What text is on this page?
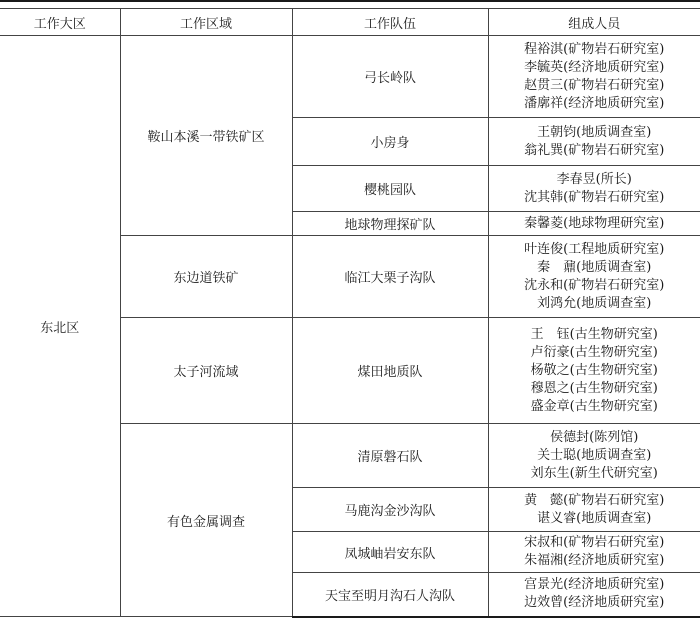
工作大区	工作区域	工作队伍	组成人员
东北区	鞍山本溪一带铁矿区	弓长岭队	程裕淇(矿物岩石研究室)
李毓英(经济地质研究室)
赵贯三(矿物岩石研究室)
潘廓祥(经济地质研究室)

		小房身	王朝钧(地质调查室)
翁礼巽(矿物岩石研究室)

		樱桃园队	李春昱(所长)
沈其韩(矿物岩石研究室)

		地球物理探矿队	秦馨菱(地球物理研究室)

	东边道铁矿	临江大栗子沟队	叶连俊(工程地质研究室)
秦　鼐(地质调查室)
沈永和(矿物岩石研究室)
刘鸿允(地质调查室)

	太子河流域	煤田地质队	王　钰(古生物研究室)
卢衍豪(古生物研究室)
杨敬之(古生物研究室)
穆恩之(古生物研究室)
盛金章(古生物研究室)

	有色金属调查	清原磐石队	侯德封(陈列馆)
关士聪(地质调查室)
刘东生(新生代研究室)

		马鹿沟金沙沟队	黄　懿(矿物岩石研究室)
谌义睿(地质调查室)

		凤城岫岩安东队	宋叔和(矿物岩石研究室)
朱福湘(经济地质研究室)

		天宝至明月沟石人沟队	宫景光(经济地质研究室)
边效曾(经济地质研究室)
